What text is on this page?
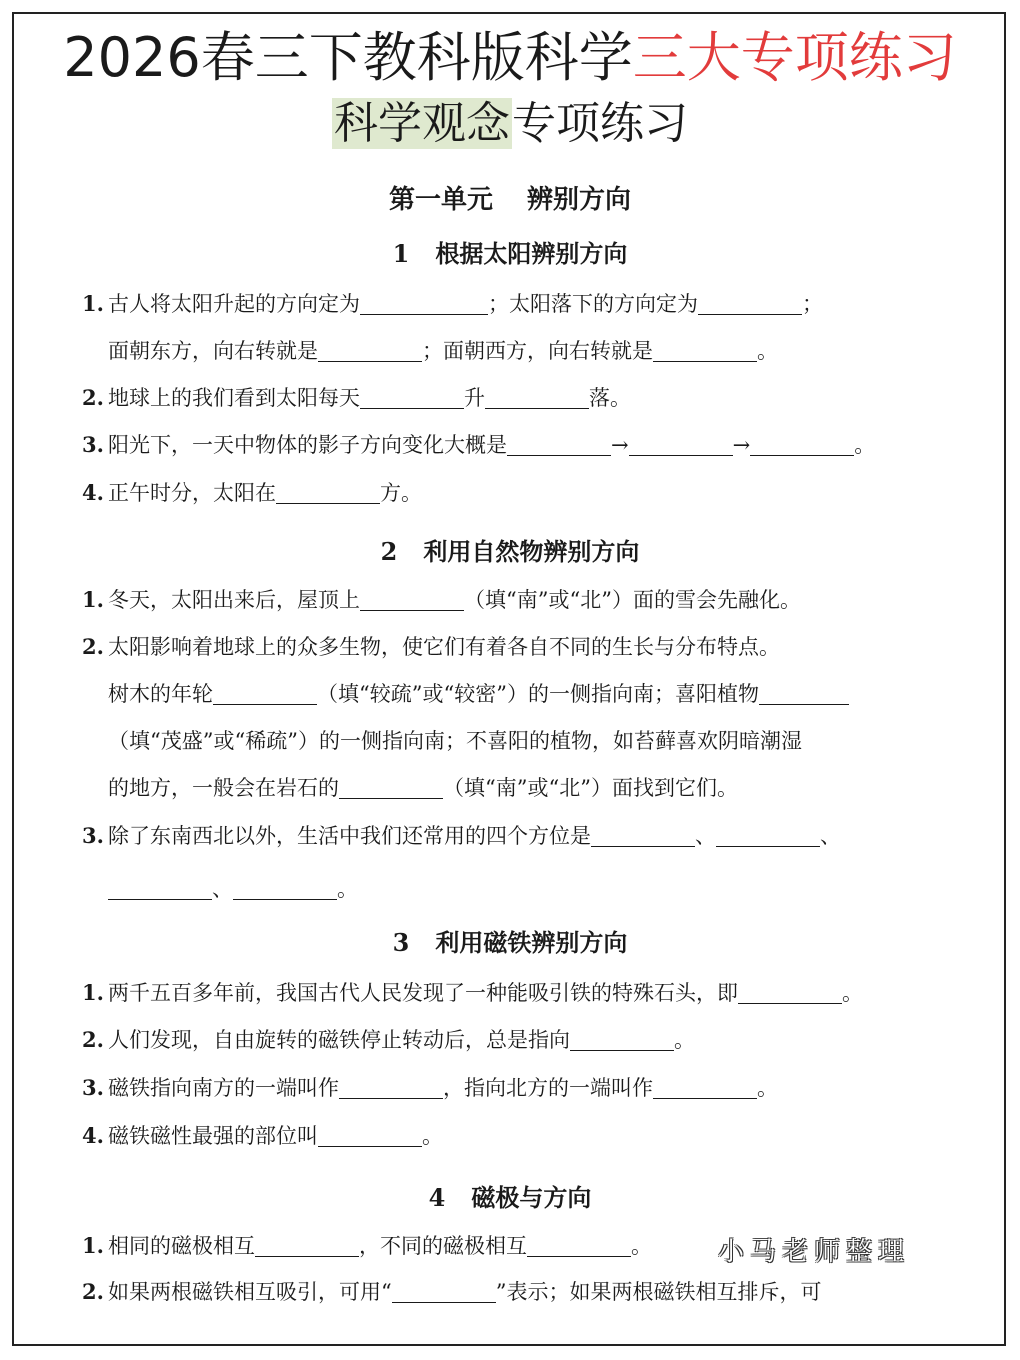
2026春三下教科版科学三大专项练习
科学观念专项练习
第一单元 辨别方向
1 根据太阳辨别方向
1. 古人将太阳升起的方向定为	；太阳落下的方向定为	；
面朝东方，向右转就是	；面朝西方，向右转就是	。
2. 地球上的我们看到太阳每天	升	落。
3. 阳光下，一天中物体的影子方向变化大概是	→	→	。
4. 正午时分，太阳在	方。
2 利用自然物辨别方向
1. 冬天，太阳出来后，屋顶上	（填“南”或“北”）面的雪会先融化。
2. 太阳影响着地球上的众多生物，使它们有着各自不同的生长与分布特点。
树木的年轮	（填“较疏”或“较密”）的一侧指向南；喜阳植物
（填“茂盛”或“稀疏”）的一侧指向南；不喜阳的植物，如苔藓喜欢阴暗潮湿
的地方，一般会在岩石的	（填“南”或“北”）面找到它们。
3. 除了东南西北以外，生活中我们还常用的四个方位是	、	、
、	。
3 利用磁铁辨别方向
1. 两千五百多年前，我国古代人民发现了一种能吸引铁的特殊石头，即	。
2. 人们发现，自由旋转的磁铁停止转动后，总是指向	。
3. 磁铁指向南方的一端叫作	，指向北方的一端叫作	。
4. 磁铁磁性最强的部位叫	。
4 磁极与方向
1. 相同的磁极相互	，不同的磁极相互	。
2. 如果两根磁铁相互吸引，可用“	”表示；如果两根磁铁相互排斥，可
小马老师整理
